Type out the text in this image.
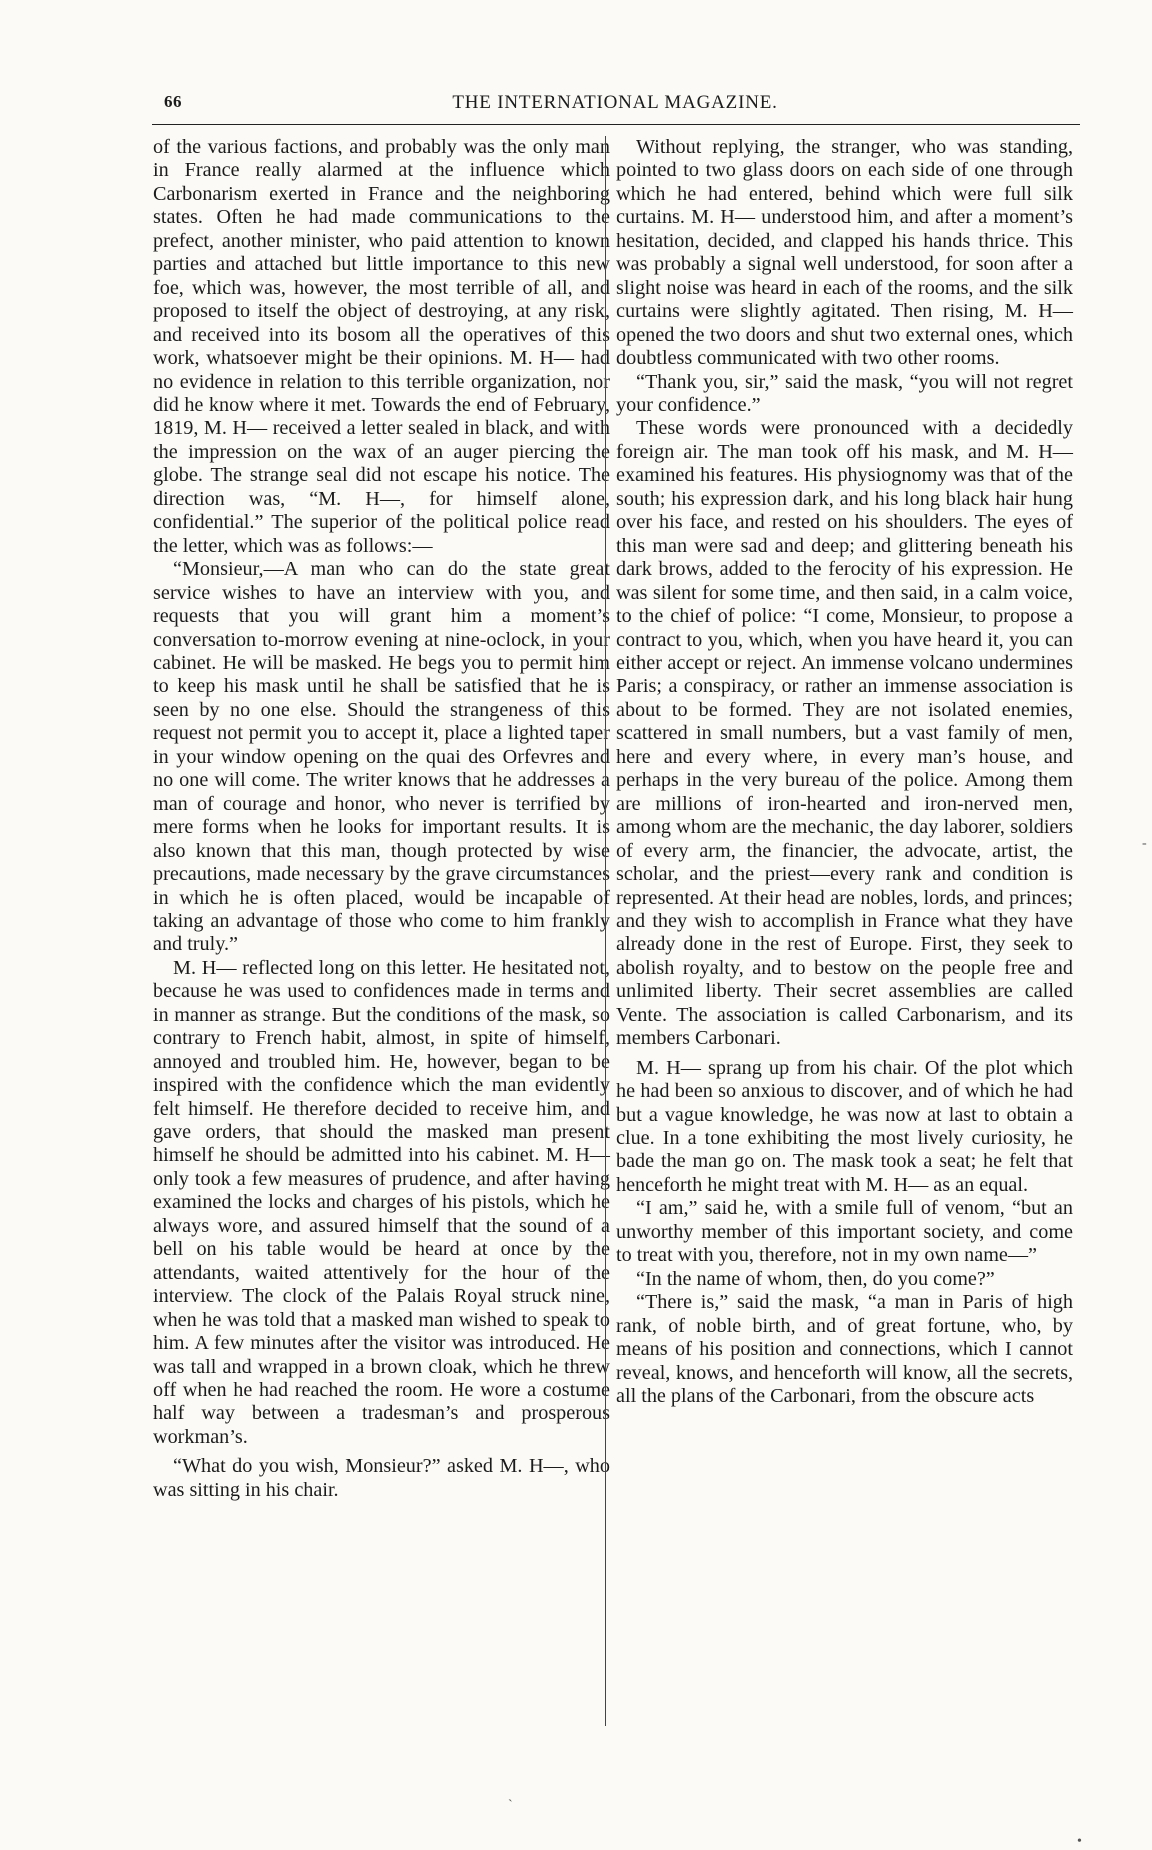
66	THE INTERNATIONAL MAGAZINE.

of the various factions, and probably was the only man in France really alarmed at the influence which Carbonarism exerted in France and the neighboring states. Often he had made communications to the prefect, another minister, who paid attention to known parties and attached but little importance to this new foe, which was, however, the most terrible of all, and proposed to itself the object of destroying, at any risk, and received into its bosom all the operatives of this work, whatsoever might be their opinions. M. H— had no evidence in relation to this terrible organization, nor did he know where it met. Towards the end of February, 1819, M. H— received a letter sealed in black, and with the impression on the wax of an auger piercing the globe. The strange seal did not escape his notice. The direction was, “M. H—, for himself alone, confidential.” The superior of the political police read the letter, which was as follows:—

“Monsieur,—A man who can do the state great service wishes to have an interview with you, and requests that you will grant him a moment’s conversation to-morrow evening at nine-oclock, in your cabinet. He will be masked. He begs you to permit him to keep his mask until he shall be satisfied that he is seen by no one else. Should the strangeness of this request not permit you to accept it, place a lighted taper in your window opening on the quai des Orfevres and no one will come. The writer knows that he addresses a man of courage and honor, who never is terrified by mere forms when he looks for important results. It is also known that this man, though protected by wise precautions, made necessary by the grave circumstances in which he is often placed, would be incapable of taking an advantage of those who come to him frankly and truly.”

M. H— reflected long on this letter. He hesitated not, because he was used to confidences made in terms and in manner as strange. But the conditions of the mask, so contrary to French habit, almost, in spite of himself, annoyed and troubled him. He, however, began to be inspired with the confidence which the man evidently felt himself. He therefore decided to receive him, and gave orders, that should the masked man present himself he should be admitted into his cabinet. M. H— only took a few measures of prudence, and after having examined the locks and charges of his pistols, which he always wore, and assured himself that the sound of a bell on his table would be heard at once by the attendants, waited attentively for the hour of the interview. The clock of the Palais Royal struck nine, when he was told that a masked man wished to speak to him. A few minutes after the visitor was introduced. He was tall and wrapped in a brown cloak, which he threw off when he had reached the room. He wore a costume half way between a tradesman’s and prosperous workman’s.

“What do you wish, Monsieur?” asked M. H—, who was sitting in his chair.

Without replying, the stranger, who was standing, pointed to two glass doors on each side of one through which he had entered, behind which were full silk curtains. M. H— understood him, and after a moment’s hesitation, decided, and clapped his hands thrice. This was probably a signal well understood, for soon after a slight noise was heard in each of the rooms, and the silk curtains were slightly agitated. Then rising, M. H— opened the two doors and shut two external ones, which doubtless communicated with two other rooms.

“Thank you, sir,” said the mask, “you will not regret your confidence.”

These words were pronounced with a decidedly foreign air. The man took off his mask, and M. H— examined his features. His physiognomy was that of the south; his expression dark, and his long black hair hung over his face, and rested on his shoulders. The eyes of this man were sad and deep; and glittering beneath his dark brows, added to the ferocity of his expression. He was silent for some time, and then said, in a calm voice, to the chief of police: “I come, Monsieur, to propose a contract to you, which, when you have heard it, you can either accept or reject. An immense volcano undermines Paris; a conspiracy, or rather an immense association is about to be formed. They are not isolated enemies, scattered in small numbers, but a vast family of men, here and every where, in every man’s house, and perhaps in the very bureau of the police. Among them are millions of iron-hearted and iron-nerved men, among whom are the mechanic, the day laborer, soldiers of every arm, the financier, the advocate, artist, the scholar, and the priest—every rank and condition is represented. At their head are nobles, lords, and princes; and they wish to accomplish in France what they have already done in the rest of Europe. First, they seek to abolish royalty, and to bestow on the people free and unlimited liberty. Their secret assemblies are called Vente. The association is called Carbonarism, and its members Carbonari.

M. H— sprang up from his chair. Of the plot which he had been so anxious to discover, and of which he had but a vague knowledge, he was now at last to obtain a clue. In a tone exhibiting the most lively curiosity, he bade the man go on. The mask took a seat; he felt that henceforth he might treat with M. H— as an equal.

“I am,” said he, with a smile full of venom, “but an unworthy member of this important society, and come to treat with you, therefore, not in my own name—”

“In the name of whom, then, do you come?”

“There is,” said the mask, “a man in Paris of high rank, of noble birth, and of great fortune, who, by means of his position and connections, which I cannot reveal, knows, and henceforth will know, all the secrets, all the plans of the Carbonari, from the obscure acts

-
`
•
